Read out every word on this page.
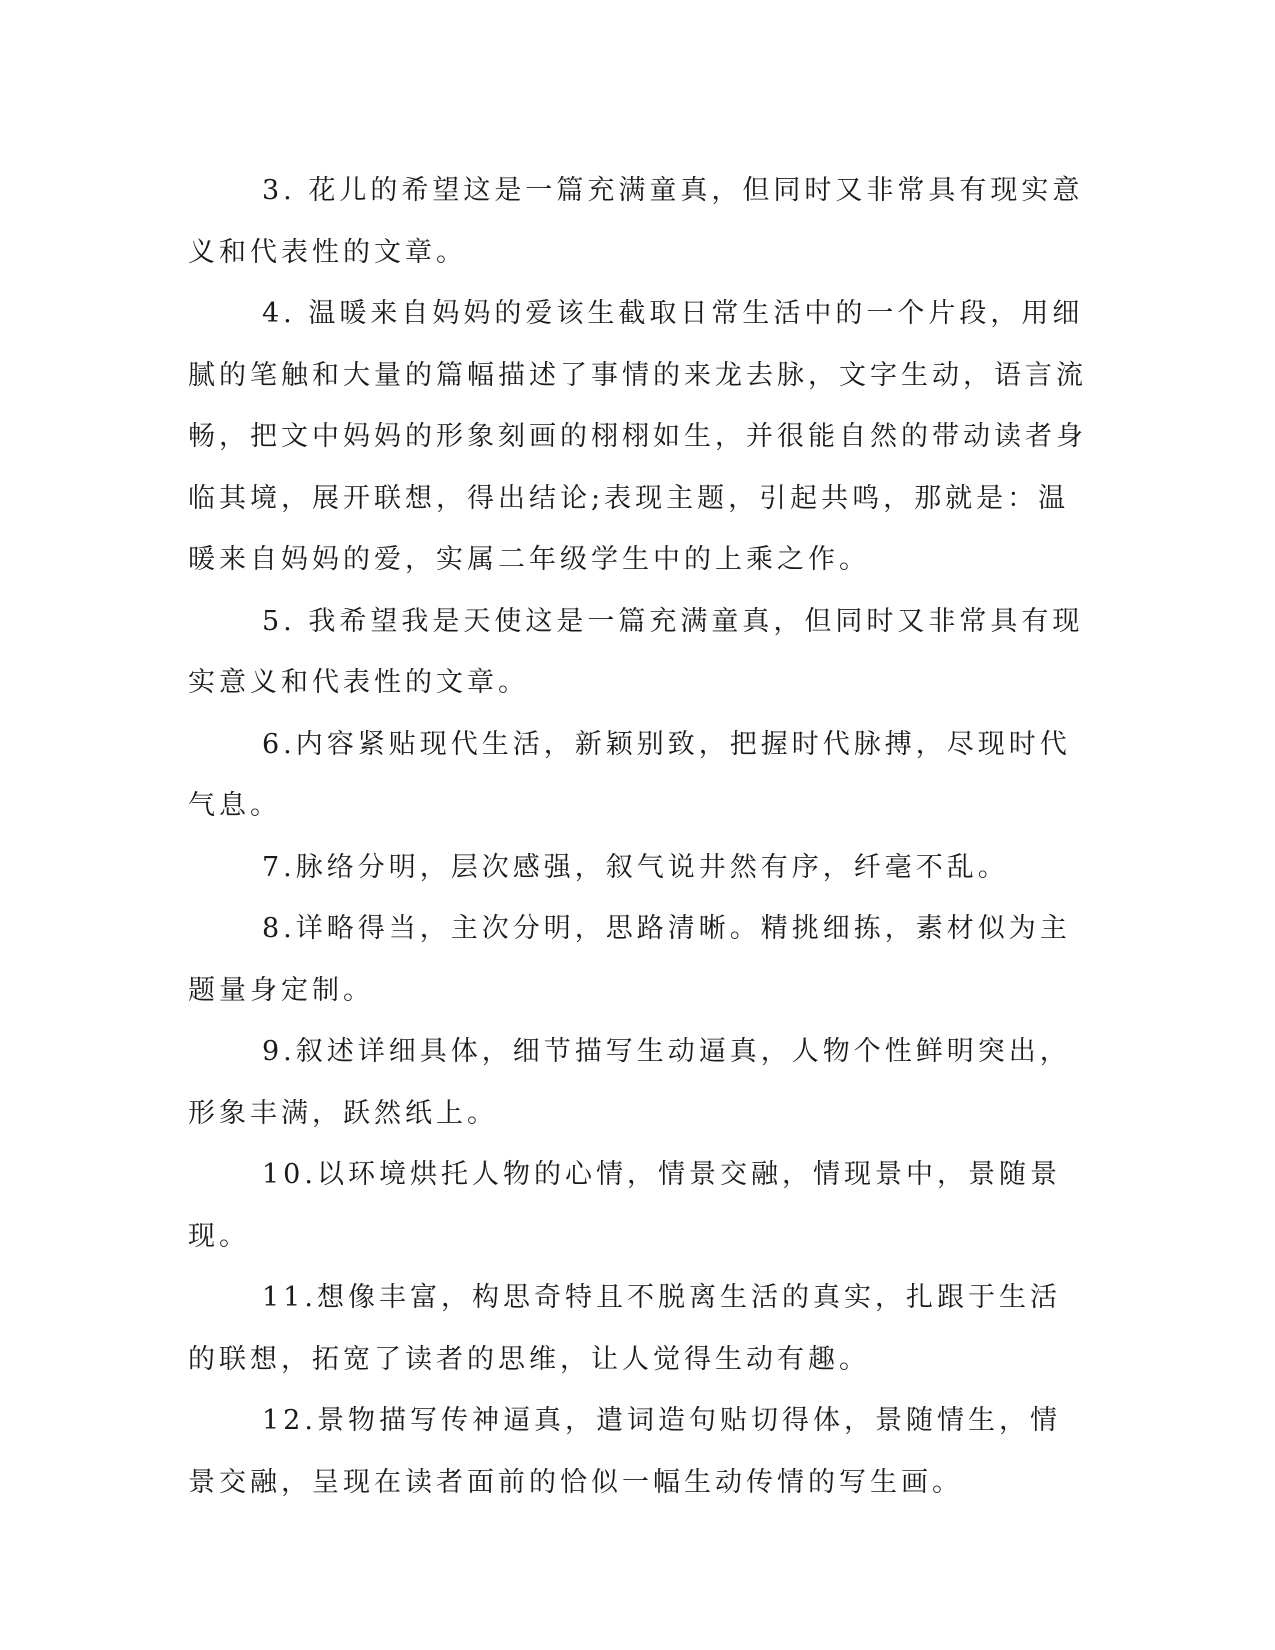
3. 花儿的希望这是一篇充满童真，但同时又非常具有现实意义和代表性的文章。

4. 温暖来自妈妈的爱该生截取日常生活中的一个片段，用细腻的笔触和大量的篇幅描述了事情的来龙去脉，文字生动，语言流畅，把文中妈妈的形象刻画的栩栩如生，并很能自然的带动读者身临其境，展开联想，得出结论;表现主题，引起共鸣，那就是：温暖来自妈妈的爱，实属二年级学生中的上乘之作。

5. 我希望我是天使这是一篇充满童真，但同时又非常具有现实意义和代表性的文章。

6.内容紧贴现代生活，新颖别致，把握时代脉搏，尽现时代气息。

7.脉络分明，层次感强，叙气说井然有序，纤毫不乱。

8.详略得当，主次分明，思路清晰。精挑细拣，素材似为主题量身定制。

9.叙述详细具体，细节描写生动逼真，人物个性鲜明突出，形象丰满，跃然纸上。

10.以环境烘托人物的心情，情景交融，情现景中，景随景现。

11.想像丰富，构思奇特且不脱离生活的真实，扎跟于生活的联想，拓宽了读者的思维，让人觉得生动有趣。

12.景物描写传神逼真，遣词造句贴切得体，景随情生，情景交融，呈现在读者面前的恰似一幅生动传情的写生画。
